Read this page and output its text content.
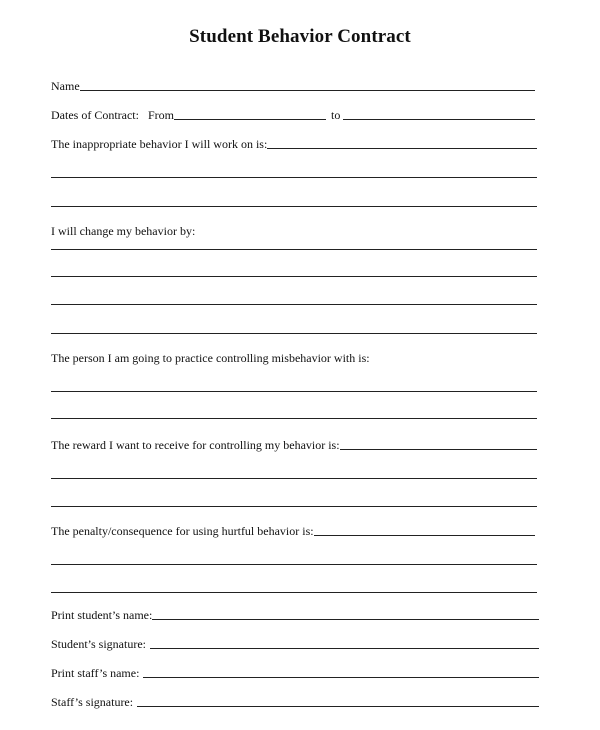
Student Behavior Contract
Name
Dates of Contract: From	to
The inappropriate behavior I will work on is:
I will change my behavior by:
The person I am going to practice controlling misbehavior with is:
The reward I want to receive for controlling my behavior is:
The penalty/consequence for using hurtful behavior is:
Print student’s name:
Student’s signature:
Print staff’s name:
Staff’s signature:
